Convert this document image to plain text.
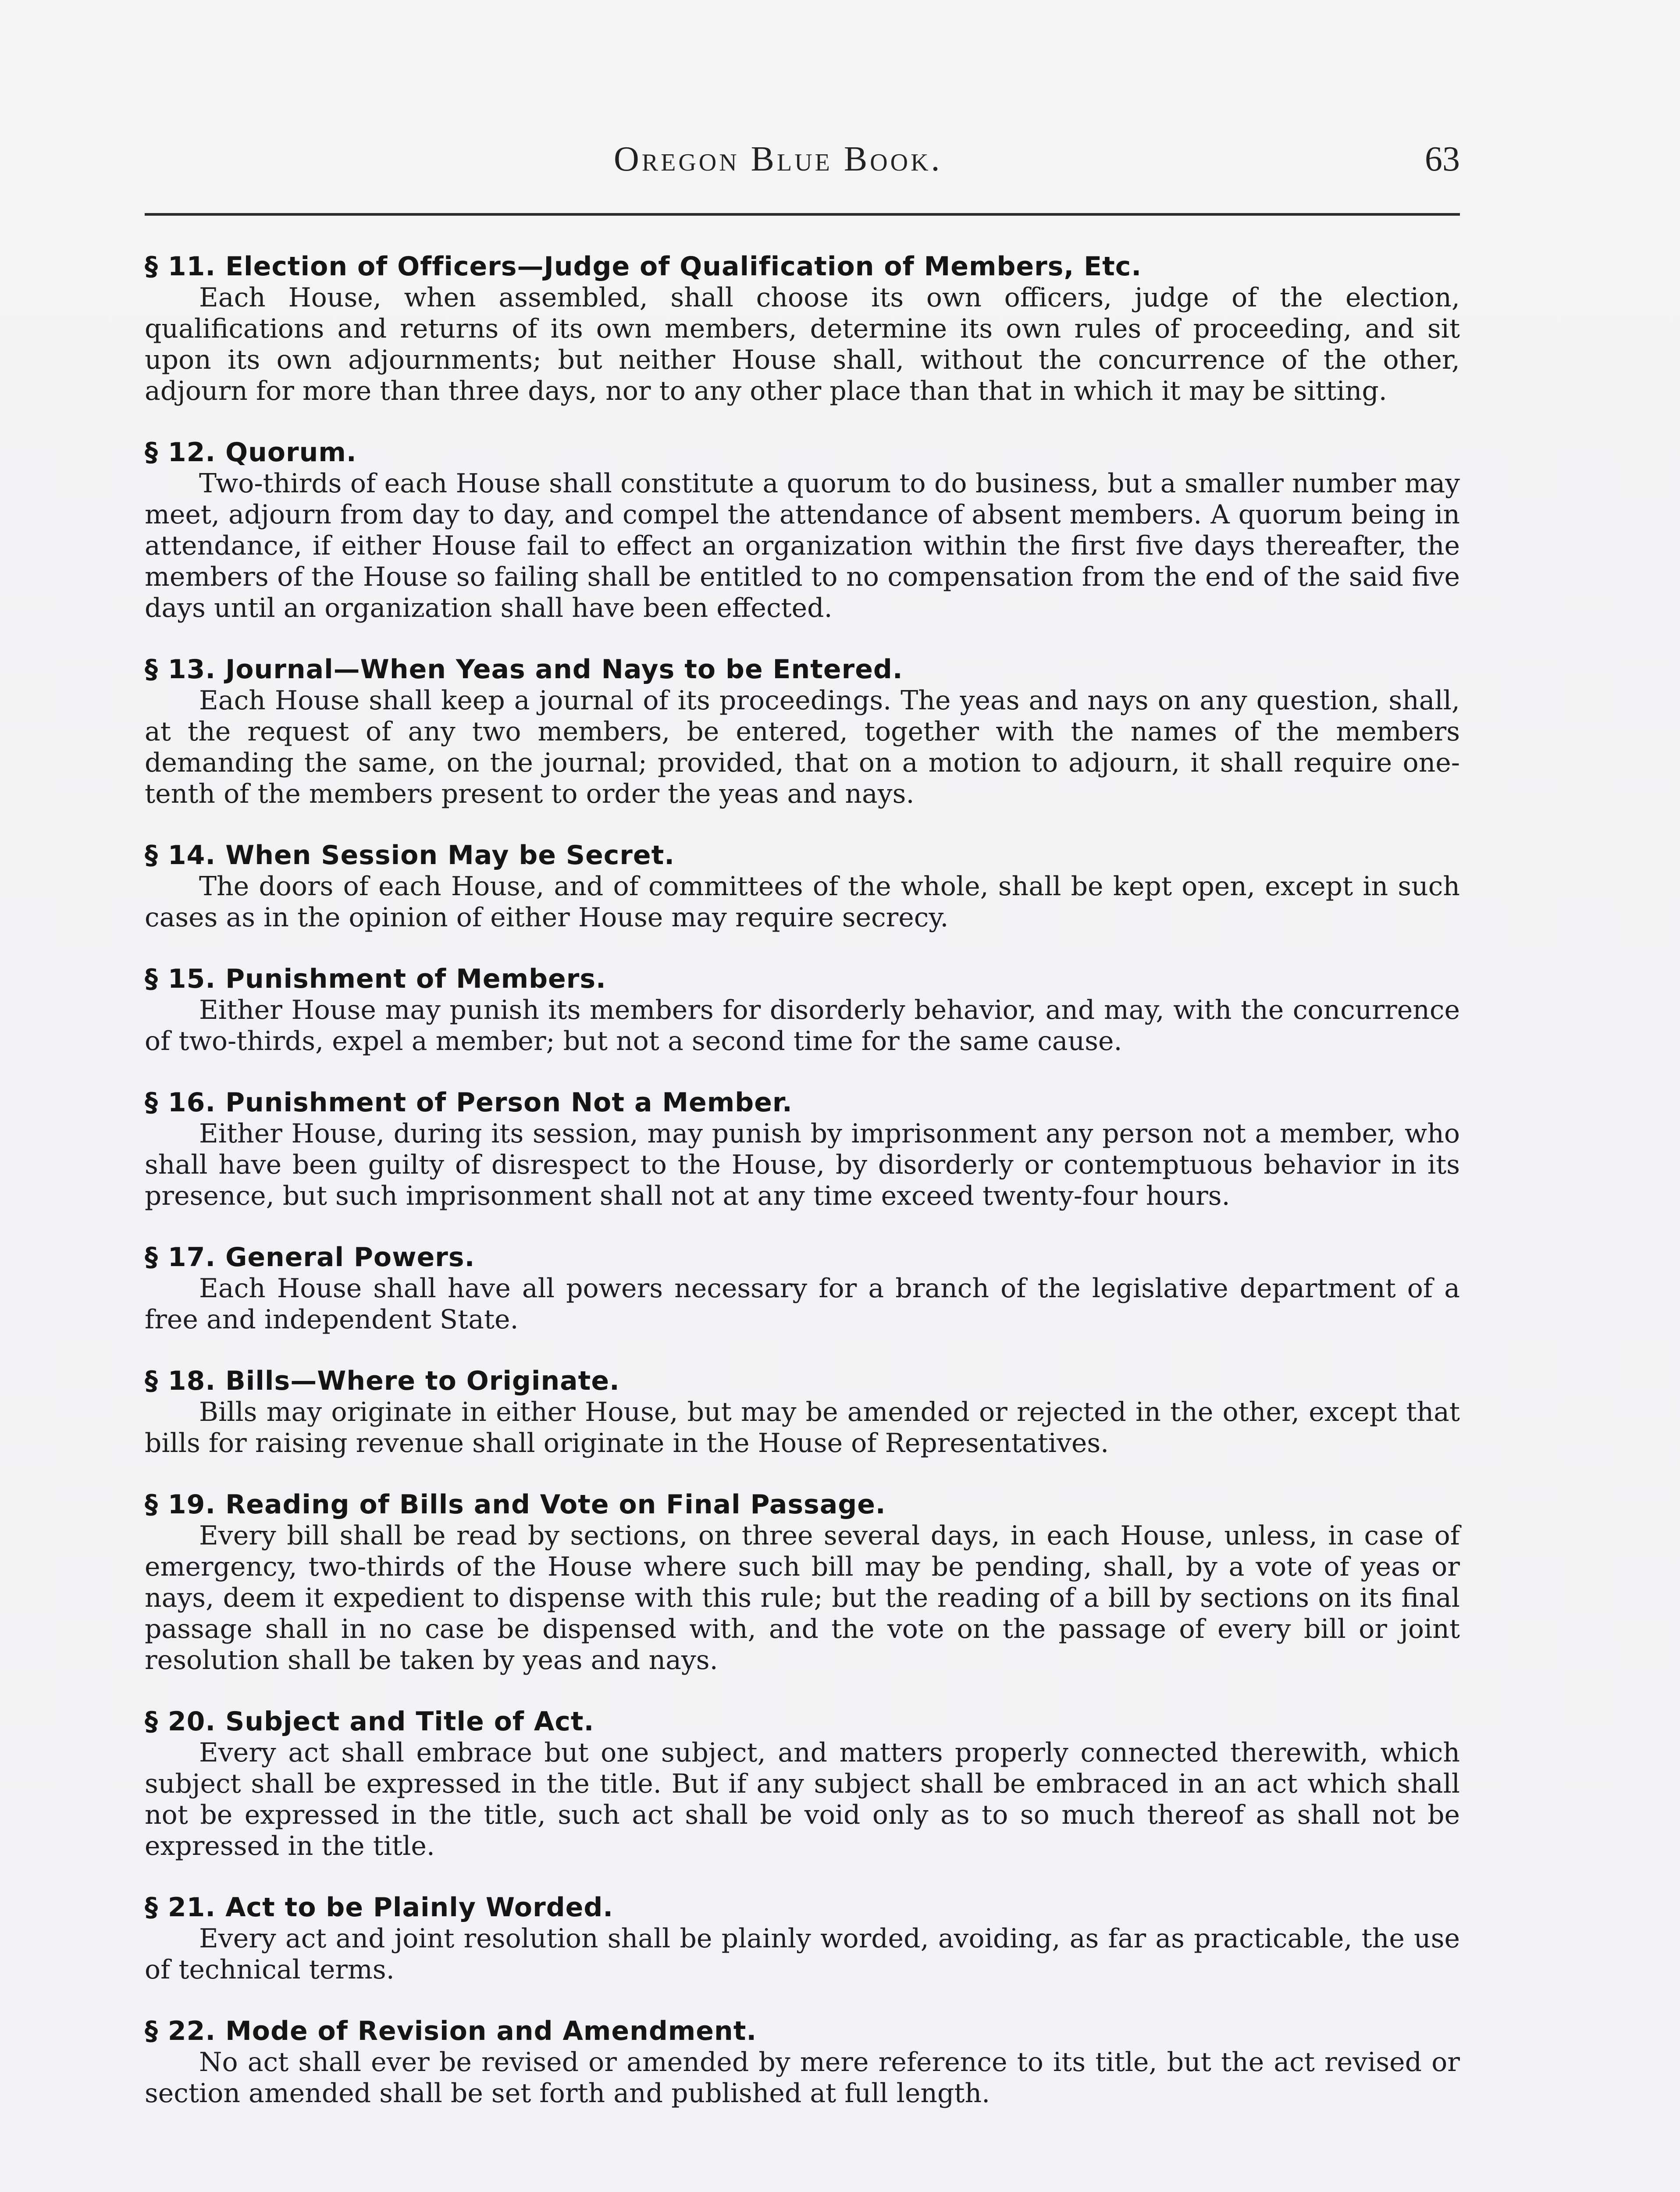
Oregon Blue Book.	63

§ 11. Election of Officers—Judge of Qualification of Members, Etc.

Each House, when assembled, shall choose its own officers, judge of the election, qualifications and returns of its own members, determine its own rules of proceeding, and sit upon its own adjournments; but neither House shall, without the concurrence of the other, adjourn for more than three days, nor to any other place than that in which it may be sitting.

§ 12. Quorum.

Two-thirds of each House shall constitute a quorum to do business, but a smaller number may meet, adjourn from day to day, and compel the attendance of absent members. A quorum being in attendance, if either House fail to effect an organization within the first five days thereafter, the members of the House so failing shall be entitled to no compensation from the end of the said five days until an organization shall have been effected.

§ 13. Journal—When Yeas and Nays to be Entered.

Each House shall keep a journal of its proceedings. The yeas and nays on any question, shall, at the request of any two members, be entered, together with the names of the members demanding the same, on the journal; provided, that on a motion to adjourn, it shall require one-tenth of the members present to order the yeas and nays.

§ 14. When Session May be Secret.

The doors of each House, and of committees of the whole, shall be kept open, except in such cases as in the opinion of either House may require secrecy.

§ 15. Punishment of Members.

Either House may punish its members for disorderly behavior, and may, with the concurrence of two-thirds, expel a member; but not a second time for the same cause.

§ 16. Punishment of Person Not a Member.

Either House, during its session, may punish by imprisonment any person not a member, who shall have been guilty of disrespect to the House, by disorderly or contemptuous behavior in its presence, but such imprisonment shall not at any time exceed twenty-four hours.

§ 17. General Powers.

Each House shall have all powers necessary for a branch of the legislative department of a free and independent State.

§ 18. Bills—Where to Originate.

Bills may originate in either House, but may be amended or rejected in the other, except that bills for raising revenue shall originate in the House of Representatives.

§ 19. Reading of Bills and Vote on Final Passage.

Every bill shall be read by sections, on three several days, in each House, unless, in case of emergency, two-thirds of the House where such bill may be pending, shall, by a vote of yeas or nays, deem it expedient to dispense with this rule; but the reading of a bill by sections on its final passage shall in no case be dispensed with, and the vote on the passage of every bill or joint resolution shall be taken by yeas and nays.

§ 20. Subject and Title of Act.

Every act shall embrace but one subject, and matters properly connected therewith, which subject shall be expressed in the title. But if any subject shall be embraced in an act which shall not be expressed in the title, such act shall be void only as to so much thereof as shall not be expressed in the title.

§ 21. Act to be Plainly Worded.

Every act and joint resolution shall be plainly worded, avoiding, as far as practicable, the use of technical terms.

§ 22. Mode of Revision and Amendment.

No act shall ever be revised or amended by mere reference to its title, but the act revised or section amended shall be set forth and published at full length.
